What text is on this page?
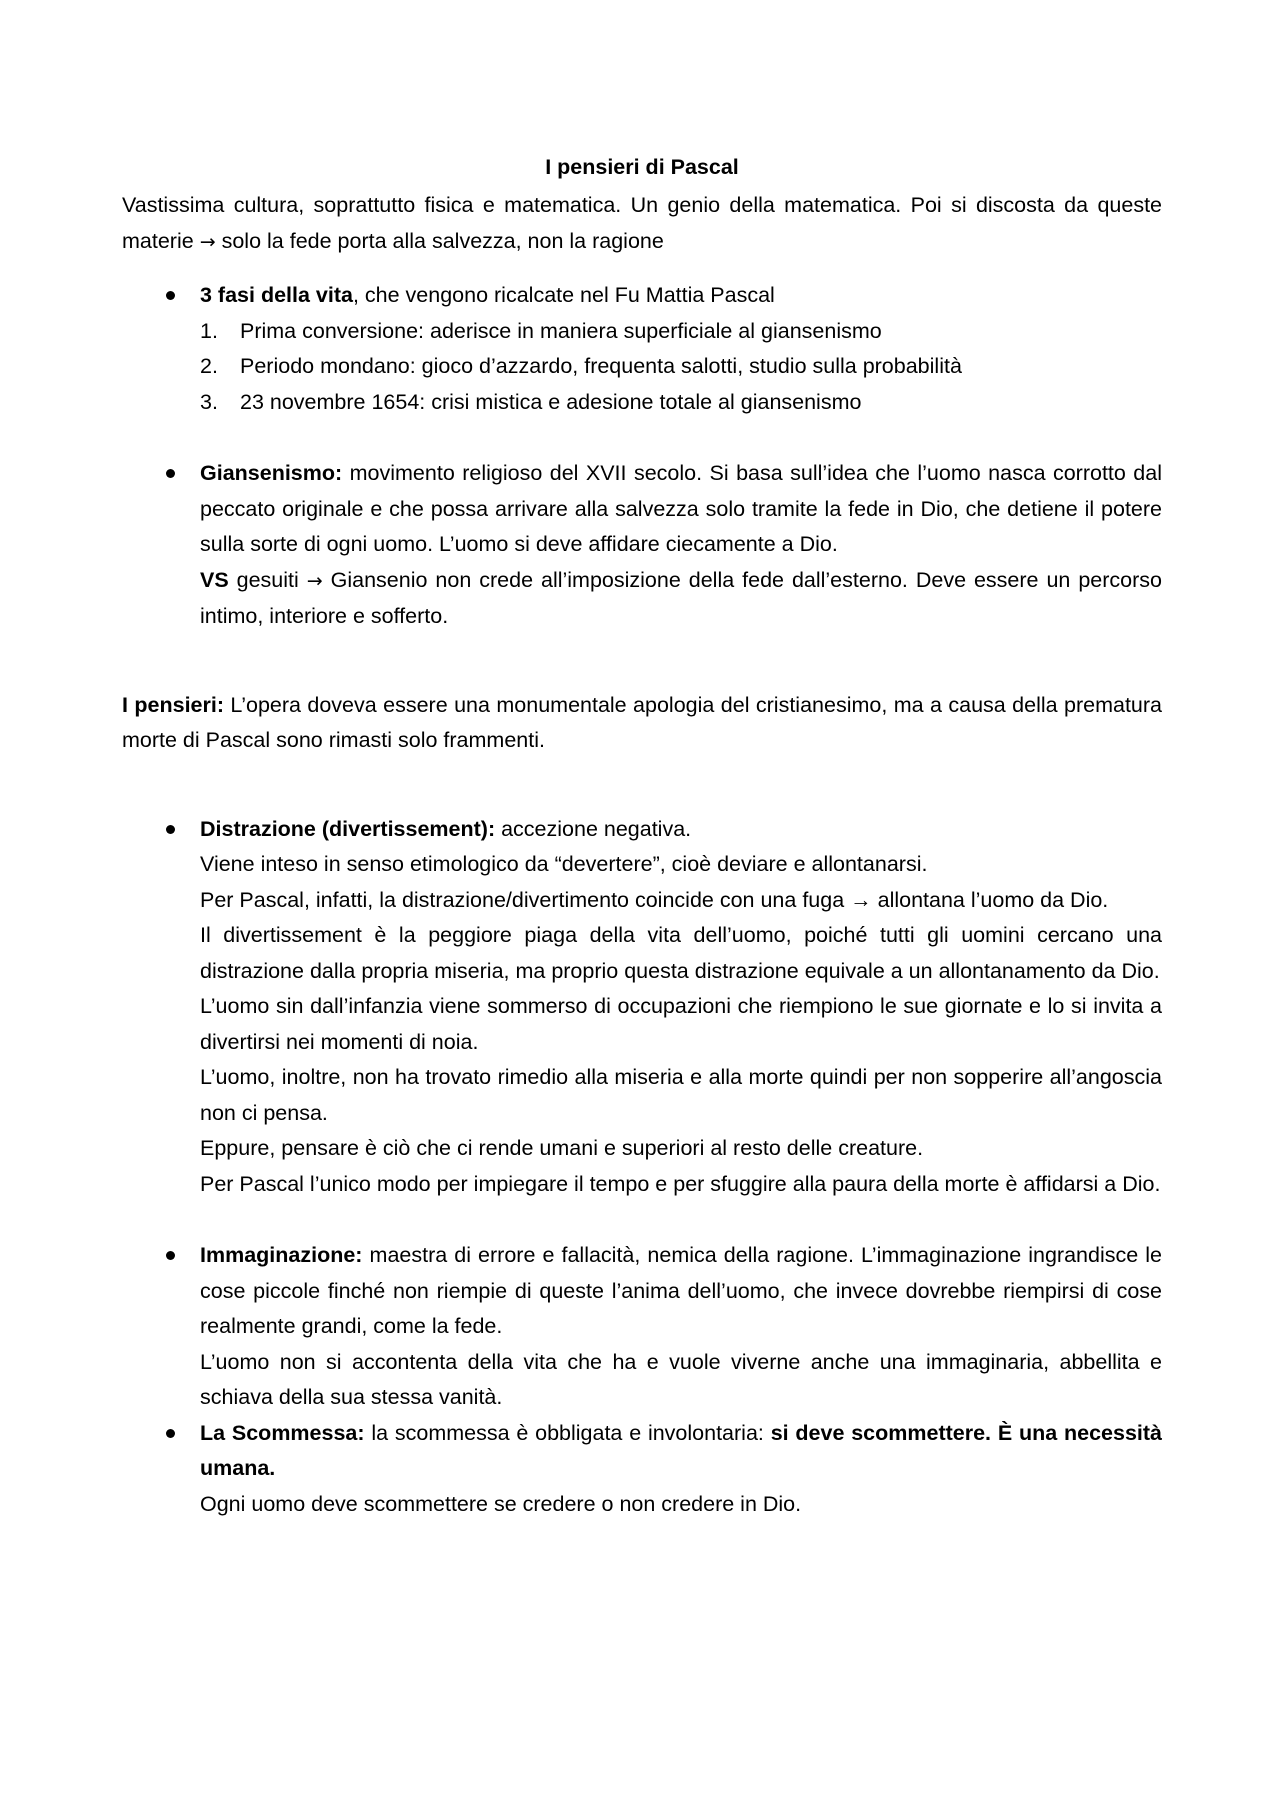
I pensieri di Pascal

Vastissima cultura, soprattutto fisica e matematica. Un genio della matematica. Poi si discosta da queste materie → solo la fede porta alla salvezza, non la ragione

3 fasi della vita, che vengono ricalcate nel Fu Mattia Pascal
1. Prima conversione: aderisce in maniera superficiale al giansenismo
2. Periodo mondano: gioco d’azzardo, frequenta salotti, studio sulla probabilità
3. 23 novembre 1654: crisi mistica e adesione totale al giansenismo
Giansenismo: movimento religioso del XVII secolo. Si basa sull’idea che l’uomo nasca corrotto dal peccato originale e che possa arrivare alla salvezza solo tramite la fede in Dio, che detiene il potere sulla sorte di ogni uomo. L’uomo si deve affidare ciecamente a Dio.
VS gesuiti → Giansenio non crede all’imposizione della fede dall’esterno. Deve essere un percorso intimo, interiore e sofferto.

I pensieri: L’opera doveva essere una monumentale apologia del cristianesimo, ma a causa della prematura morte di Pascal sono rimasti solo frammenti.

Distrazione (divertissement): accezione negativa.
Viene inteso in senso etimologico da “devertere”, cioè deviare e allontanarsi.
Per Pascal, infatti, la distrazione/divertimento coincide con una fuga → allontana l’uomo da Dio.
Il divertissement è la peggiore piaga della vita dell’uomo, poiché tutti gli uomini cercano una distrazione dalla propria miseria, ma proprio questa distrazione equivale a un allontanamento da Dio.
L’uomo sin dall’infanzia viene sommerso di occupazioni che riempiono le sue giornate e lo si invita a divertirsi nei momenti di noia.
L’uomo, inoltre, non ha trovato rimedio alla miseria e alla morte quindi per non sopperire all’angoscia non ci pensa.
Eppure, pensare è ciò che ci rende umani e superiori al resto delle creature.
Per Pascal l’unico modo per impiegare il tempo e per sfuggire alla paura della morte è affidarsi a Dio.
Immaginazione: maestra di errore e fallacità, nemica della ragione. L’immaginazione ingrandisce le cose piccole finché non riempie di queste l’anima dell’uomo, che invece dovrebbe riempirsi di cose realmente grandi, come la fede.
L’uomo non si accontenta della vita che ha e vuole viverne anche una immaginaria, abbellita e schiava della sua stessa vanità.
La Scommessa: la scommessa è obbligata e involontaria: si deve scommettere. È una necessità umana.
Ogni uomo deve scommettere se credere o non credere in Dio.
